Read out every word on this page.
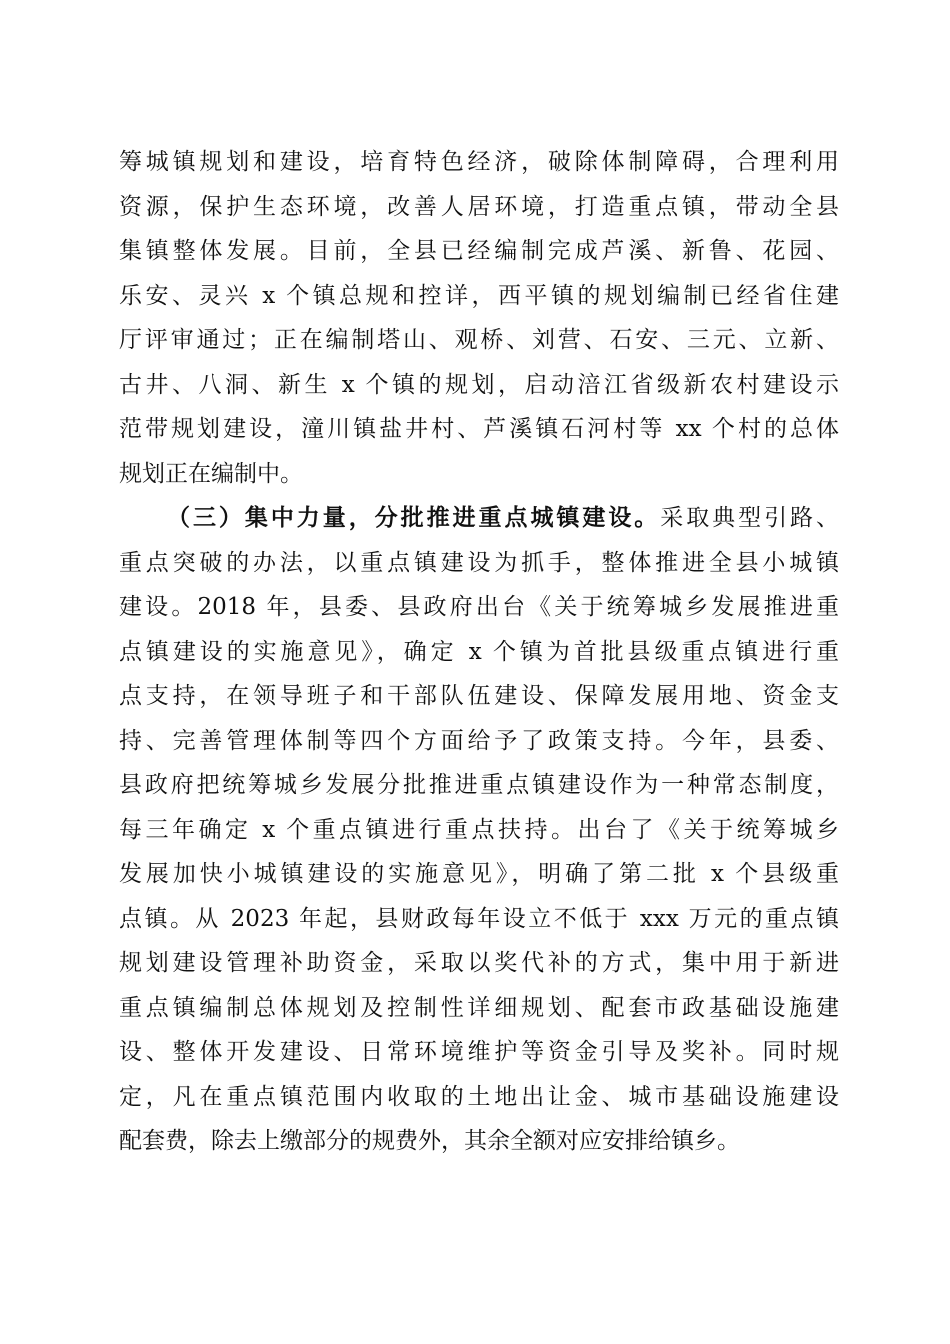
筹城镇规划和建设，培育特色经济，破除体制障碍，合理利用
资源，保护生态环境，改善人居环境，打造重点镇，带动全县
集镇整体发展。目前，全县已经编制完成芦溪、新鲁、花园、
乐安、灵兴 x 个镇总规和控详，西平镇的规划编制已经省住建
厅评审通过；正在编制塔山、观桥、刘营、石安、三元、立新、
古井、八洞、新生 x 个镇的规划，启动涪江省级新农村建设示
范带规划建设，潼川镇盐井村、芦溪镇石河村等 xx 个村的总体
规划正在编制中。
（三）集中力量，分批推进重点城镇建设。采取典型引路、
重点突破的办法，以重点镇建设为抓手，整体推进全县小城镇
建设。2018 年，县委、县政府出台《关于统筹城乡发展推进重
点镇建设的实施意见》，确定 x 个镇为首批县级重点镇进行重
点支持，在领导班子和干部队伍建设、保障发展用地、资金支
持、完善管理体制等四个方面给予了政策支持。今年，县委、
县政府把统筹城乡发展分批推进重点镇建设作为一种常态制度，
每三年确定 x 个重点镇进行重点扶持。出台了《关于统筹城乡
发展加快小城镇建设的实施意见》，明确了第二批 x 个县级重
点镇。从 2023 年起，县财政每年设立不低于 xxx 万元的重点镇
规划建设管理补助资金，采取以奖代补的方式，集中用于新进
重点镇编制总体规划及控制性详细规划、配套市政基础设施建
设、整体开发建设、日常环境维护等资金引导及奖补。同时规
定，凡在重点镇范围内收取的土地出让金、城市基础设施建设
配套费，除去上缴部分的规费外，其余全额对应安排给镇乡。
